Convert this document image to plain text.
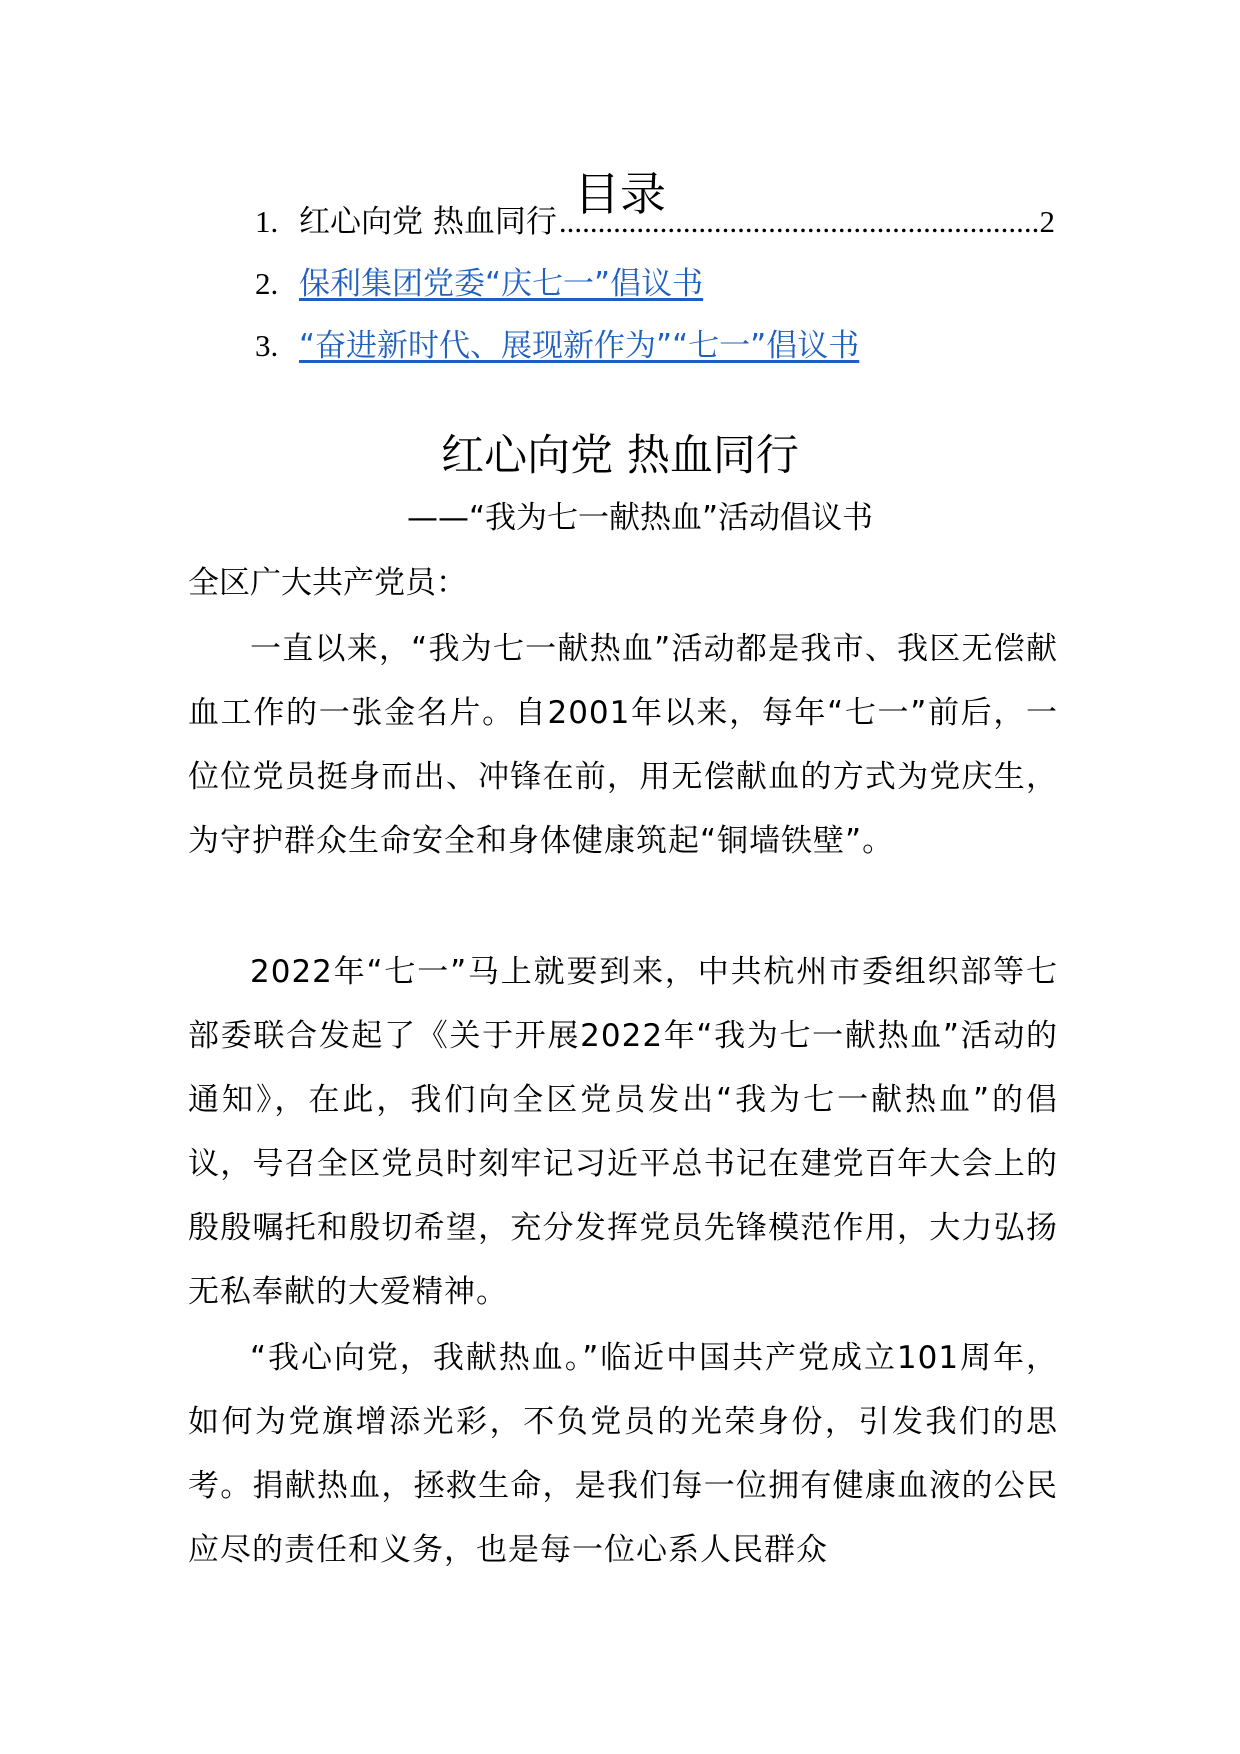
目录
1. 红心向党 热血同行
.....	2
2. 保利集团党委“庆七一”倡议书
3. “奋进新时代、展现新作为”“七一”倡议书
红心向党 热血同行
——“我为七一献热血”活动倡议书
全区广大共产党员：

一直以来，“我为七一献热血”活动都是我市、我区无偿献血工作的一张金名片。自2001年以来，每年“七一”前后，一位位党员挺身而出、冲锋在前，用无偿献血的方式为党庆生，为守护群众生命安全和身体健康筑起“铜墙铁壁”。

2022年“七一”马上就要到来，中共杭州市委组织部等七部委联合发起了《关于开展2022年“我为七一献热血”活动的通知》，在此，我们向全区党员发出“我为七一献热血”的倡议，号召全区党员时刻牢记习近平总书记在建党百年大会上的殷殷嘱托和殷切希望，充分发挥党员先锋模范作用，大力弘扬无私奉献的大爱精神。

“我心向党，我献热血。”临近中国共产党成立101周年，如何为党旗增添光彩，不负党员的光荣身份，引发我们的思考。捐献热血，拯救生命，是我们每一位拥有健康血液的公民应尽的责任和义务，也是每一位心系人民群众
